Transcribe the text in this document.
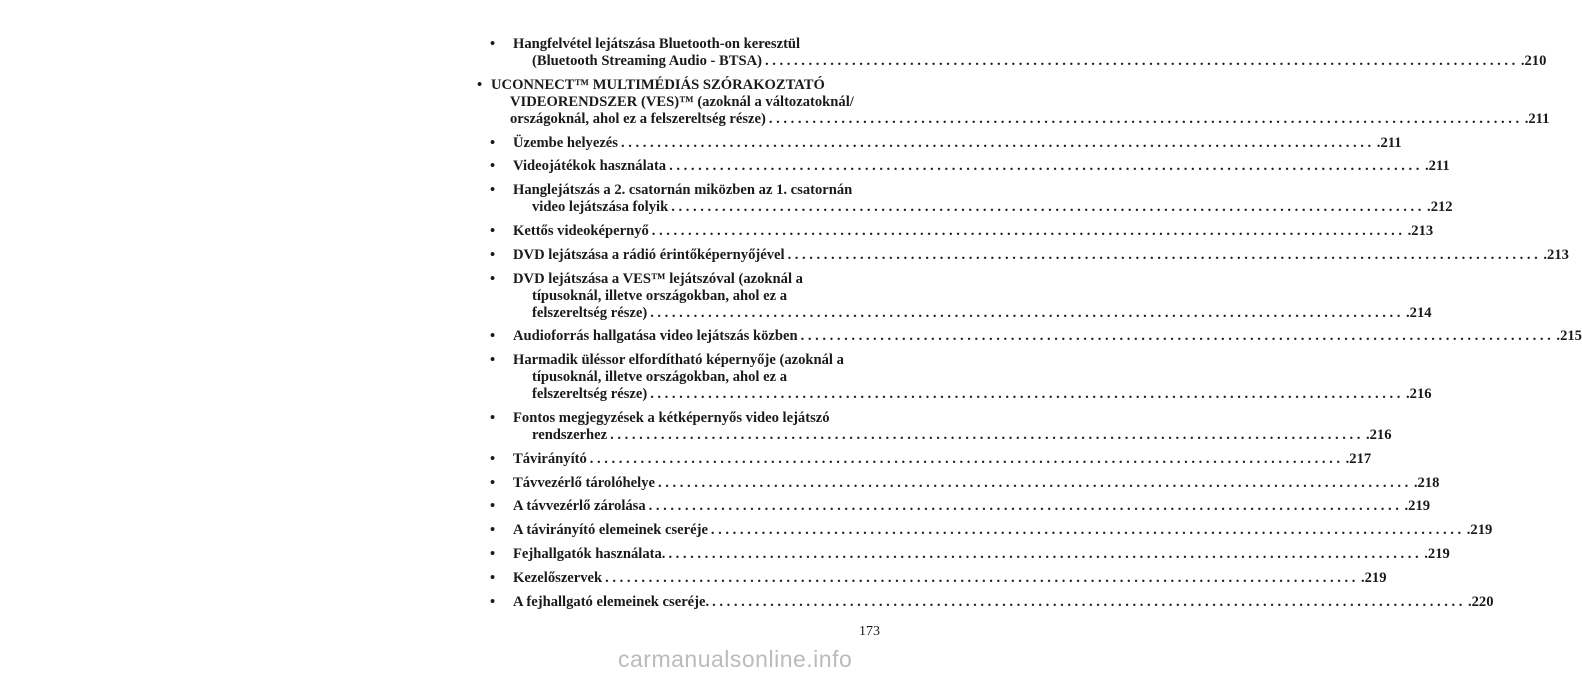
•	Hangfelvétel lejátszása Bluetooth-on keresztül
(Bluetooth Streaming Audio - BTSA) ........................................................................................................ .210
• UCONNECT™ MULTIMÉDIÁS SZÓRAKOZTATÓ
VIDEORENDSZER (VES)™ (azoknál a változatoknál/
országoknál, ahol ez a felszereltség része) ........................................................................................................ .211
•	Üzembe helyezés ........................................................................................................ .211
•	Videojátékok használata ........................................................................................................ .211
•	Hanglejátszás a 2. csatornán miközben az 1. csatornán
video lejátszása folyik ........................................................................................................ .212
•	Kettős videoképernyő ........................................................................................................ .213
•	DVD lejátszása a rádió érintőképernyőjével ........................................................................................................ .213
•	DVD lejátszása a VES™ lejátszóval (azoknál a
típusoknál, illetve országokban, ahol ez a
felszereltség része) ........................................................................................................ .214
•	Audioforrás hallgatása video lejátszás közben ........................................................................................................ .215
•	Harmadik üléssor elfordítható képernyője (azoknál a
típusoknál, illetve országokban, ahol ez a
felszereltség része) ........................................................................................................ .216
•	Fontos megjegyzések a kétképernyős video lejátszó
rendszerhez ........................................................................................................ .216
•	Távirányító ........................................................................................................ .217
•	Távvezérlő tárolóhelye ........................................................................................................ .218
•	A távvezérlő zárolása ........................................................................................................ .219
•	A távirányító elemeinek cseréje ........................................................................................................ .219
•	Fejhallgatók használata. ........................................................................................................ .219
•	Kezelőszervek ........................................................................................................ .219
•	A fejhallgató elemeinek cseréje. ........................................................................................................ .220
173
carmanualsonline.info
